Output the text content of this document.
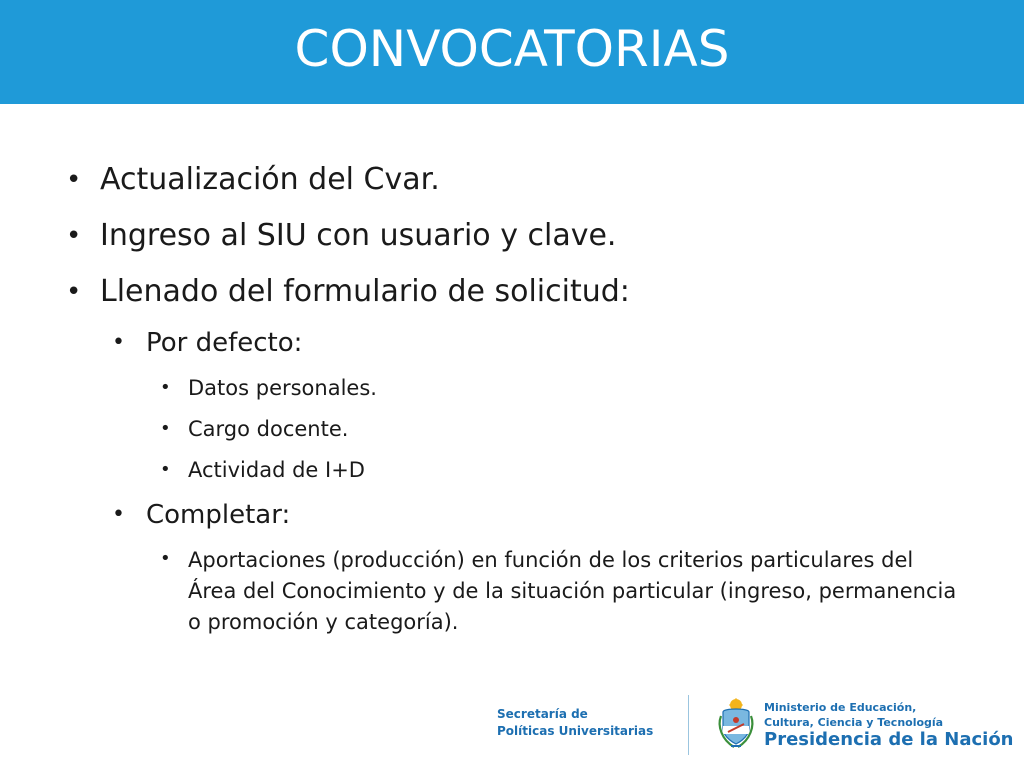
CONVOCATORIAS
• Actualización del Cvar.
• Ingreso al SIU con usuario y clave.
• Llenado del formulario de solicitud:
• Por defecto:
• Datos personales.
• Cargo docente.
• Actividad de I+D
• Completar:
• Aportaciones (producción) en función de los criterios particulares del Área del Conocimiento y de la situación particular (ingreso, permanencia o promoción y categoría).
Secretaría de
Políticas Universitarias
Ministerio de Educación,
Cultura, Ciencia y Tecnología
Presidencia de la Nación
